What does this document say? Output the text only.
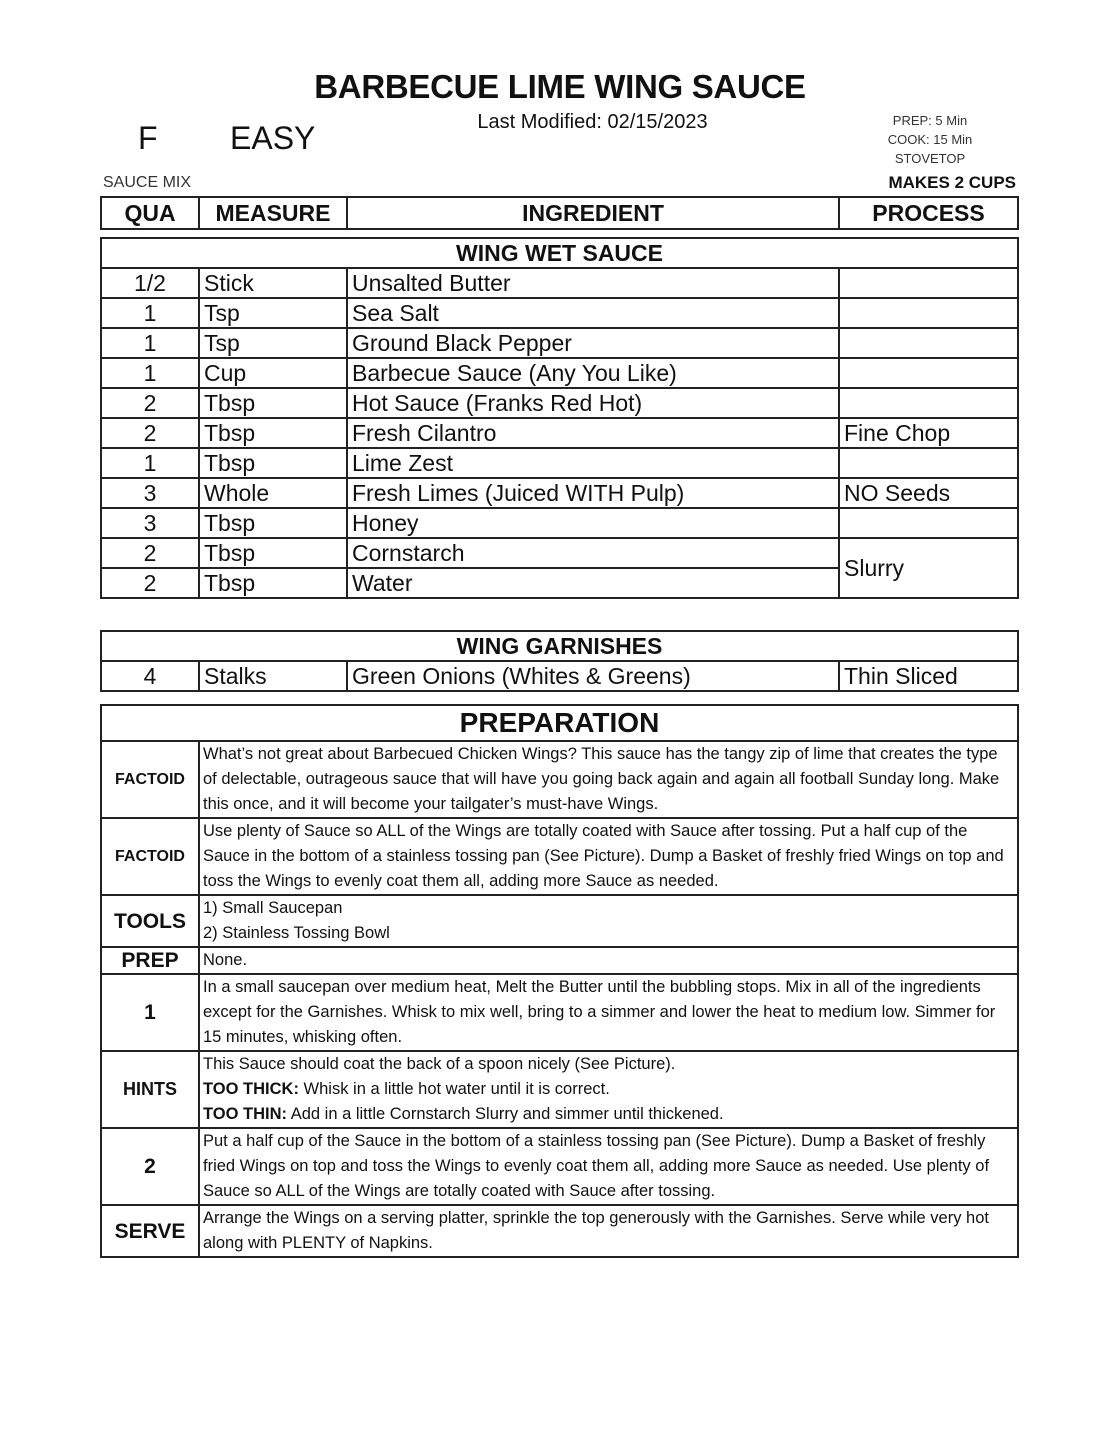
BARBECUE LIME WING SAUCE
Last Modified: 02/15/2023
F EASY	PREP: 5 Min
COOK: 15 Min
STOVETOP
SAUCE MIX	MAKES 2 CUPS
QUA	MEASURE	INGREDIENT	PROCESS
WING WET SAUCE			
1/2	Stick	Unsalted Butter	
1	Tsp	Sea Salt	
1	Tsp	Ground Black Pepper	
1	Cup	Barbecue Sauce (Any You Like)	
2	Tbsp	Hot Sauce (Franks Red Hot)	
2	Tbsp	Fresh Cilantro	Fine Chop
1	Tbsp	Lime Zest	
3	Whole	Fresh Limes (Juiced WITH Pulp)	NO Seeds
3	Tbsp	Honey	
2	Tbsp	Cornstarch	Slurry
2	Tbsp	Water	
WING GARNISHES
4	Stalks	Green Onions (Whites & Greens)	Thin Sliced
PREPARATION	
FACTOID	What’s not great about Barbecued Chicken Wings? This sauce has the tangy zip of lime that creates the type of delectable, outrageous sauce that will have you going back again and again all football Sunday long. Make this once, and it will become your tailgater’s must-have Wings.
FACTOID	Use plenty of Sauce so ALL of the Wings are totally coated with Sauce after tossing. Put a half cup of the Sauce in the bottom of a stainless tossing pan (See Picture). Dump a Basket of freshly fried Wings on top and toss the Wings to evenly coat them all, adding more Sauce as needed.
TOOLS	1) Small Saucepan
2) Stainless Tossing Bowl

PREP	None.
1	In a small saucepan over medium heat, Melt the Butter until the bubbling stops. Mix in all of the ingredients except for the Garnishes. Whisk to mix well, bring to a simmer and lower the heat to medium low. Simmer for 15 minutes, whisking often.
HINTS	This Sauce should coat the back of a spoon nicely (See Picture).
TOO THICK: Whisk in a little hot water until it is correct.
TOO THIN: Add in a little Cornstarch Slurry and simmer until thickened.

2	Put a half cup of the Sauce in the bottom of a stainless tossing pan (See Picture). Dump a Basket of freshly fried Wings on top and toss the Wings to evenly coat them all, adding more Sauce as needed. Use plenty of Sauce so ALL of the Wings are totally coated with Sauce after tossing.
SERVE	Arrange the Wings on a serving platter, sprinkle the top generously with the Garnishes. Serve while very hot along with PLENTY of Napkins.
